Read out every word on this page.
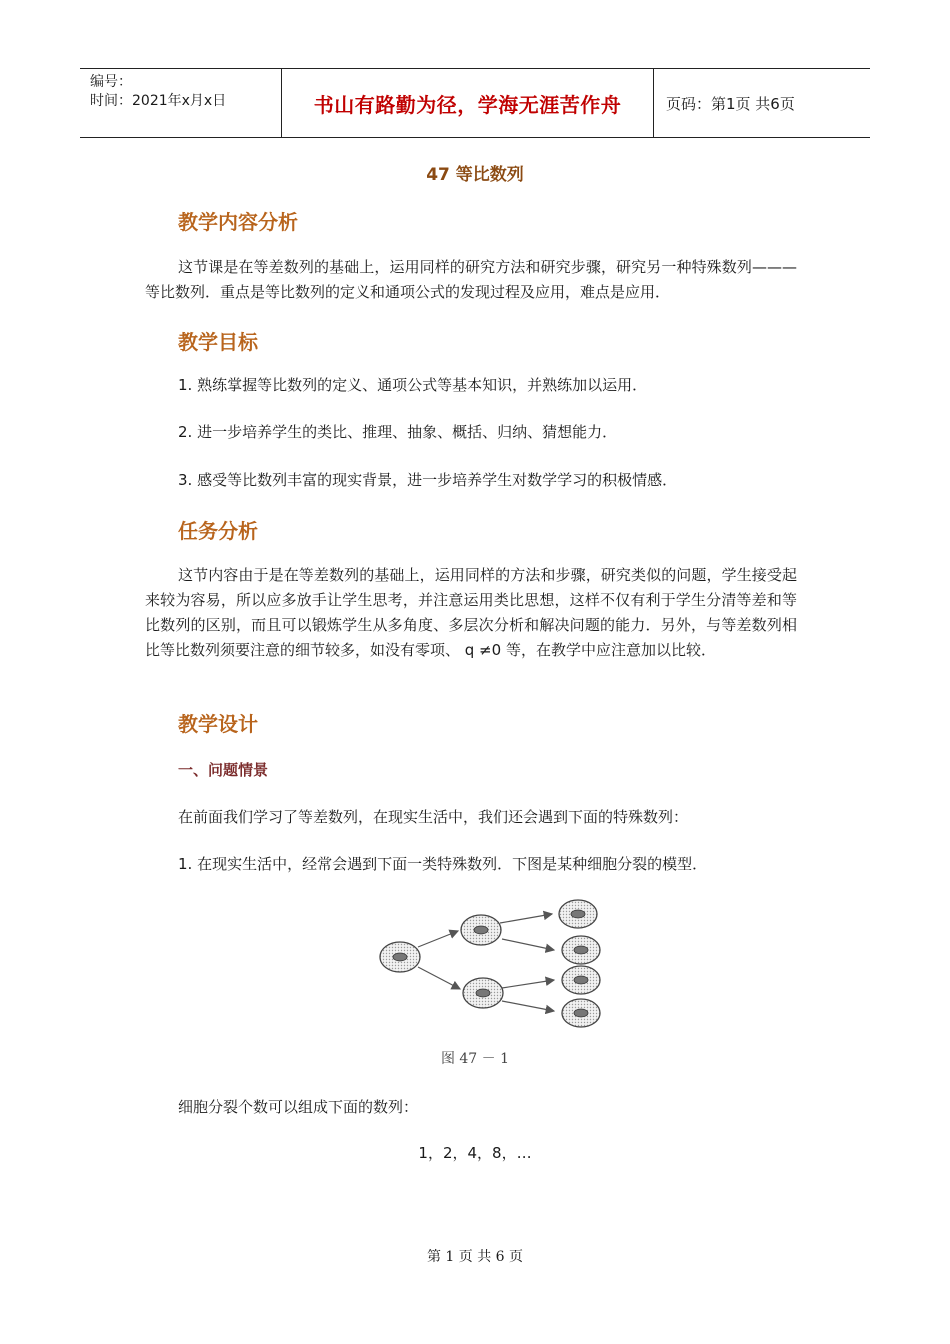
编号：
时间：2021年x月x日	书山有路勤为径，学海无涯苦作舟	页码：第1页 共6页
47 等比数列
教学内容分析
这节课是在等差数列的基础上，运用同样的研究方法和研究步骤，研究另一种特殊数列———等比数列．重点是等比数列的定义和通项公式的发现过程及应用，难点是应用．
教学目标
1. 熟练掌握等比数列的定义、通项公式等基本知识，并熟练加以运用．
2. 进一步培养学生的类比、推理、抽象、概括、归纳、猜想能力．
3. 感受等比数列丰富的现实背景，进一步培养学生对数学学习的积极情感．
任务分析
这节内容由于是在等差数列的基础上，运用同样的方法和步骤，研究类似的问题，学生接受起来较为容易，所以应多放手让学生思考，并注意运用类比思想，这样不仅有利于学生分清等差和等比数列的区别，而且可以锻炼学生从多角度、多层次分析和解决问题的能力．另外，与等差数列相比等比数列须要注意的细节较多，如没有零项、 q ≠0 等，在教学中应注意加以比较．
教学设计
一、问题情景
在前面我们学习了等差数列，在现实生活中，我们还会遇到下面的特殊数列：
1. 在现实生活中，经常会遇到下面一类特殊数列．下图是某种细胞分裂的模型．
图 47 － 1
细胞分裂个数可以组成下面的数列：
1，2，4，8，…
第 1 页 共 6 页
